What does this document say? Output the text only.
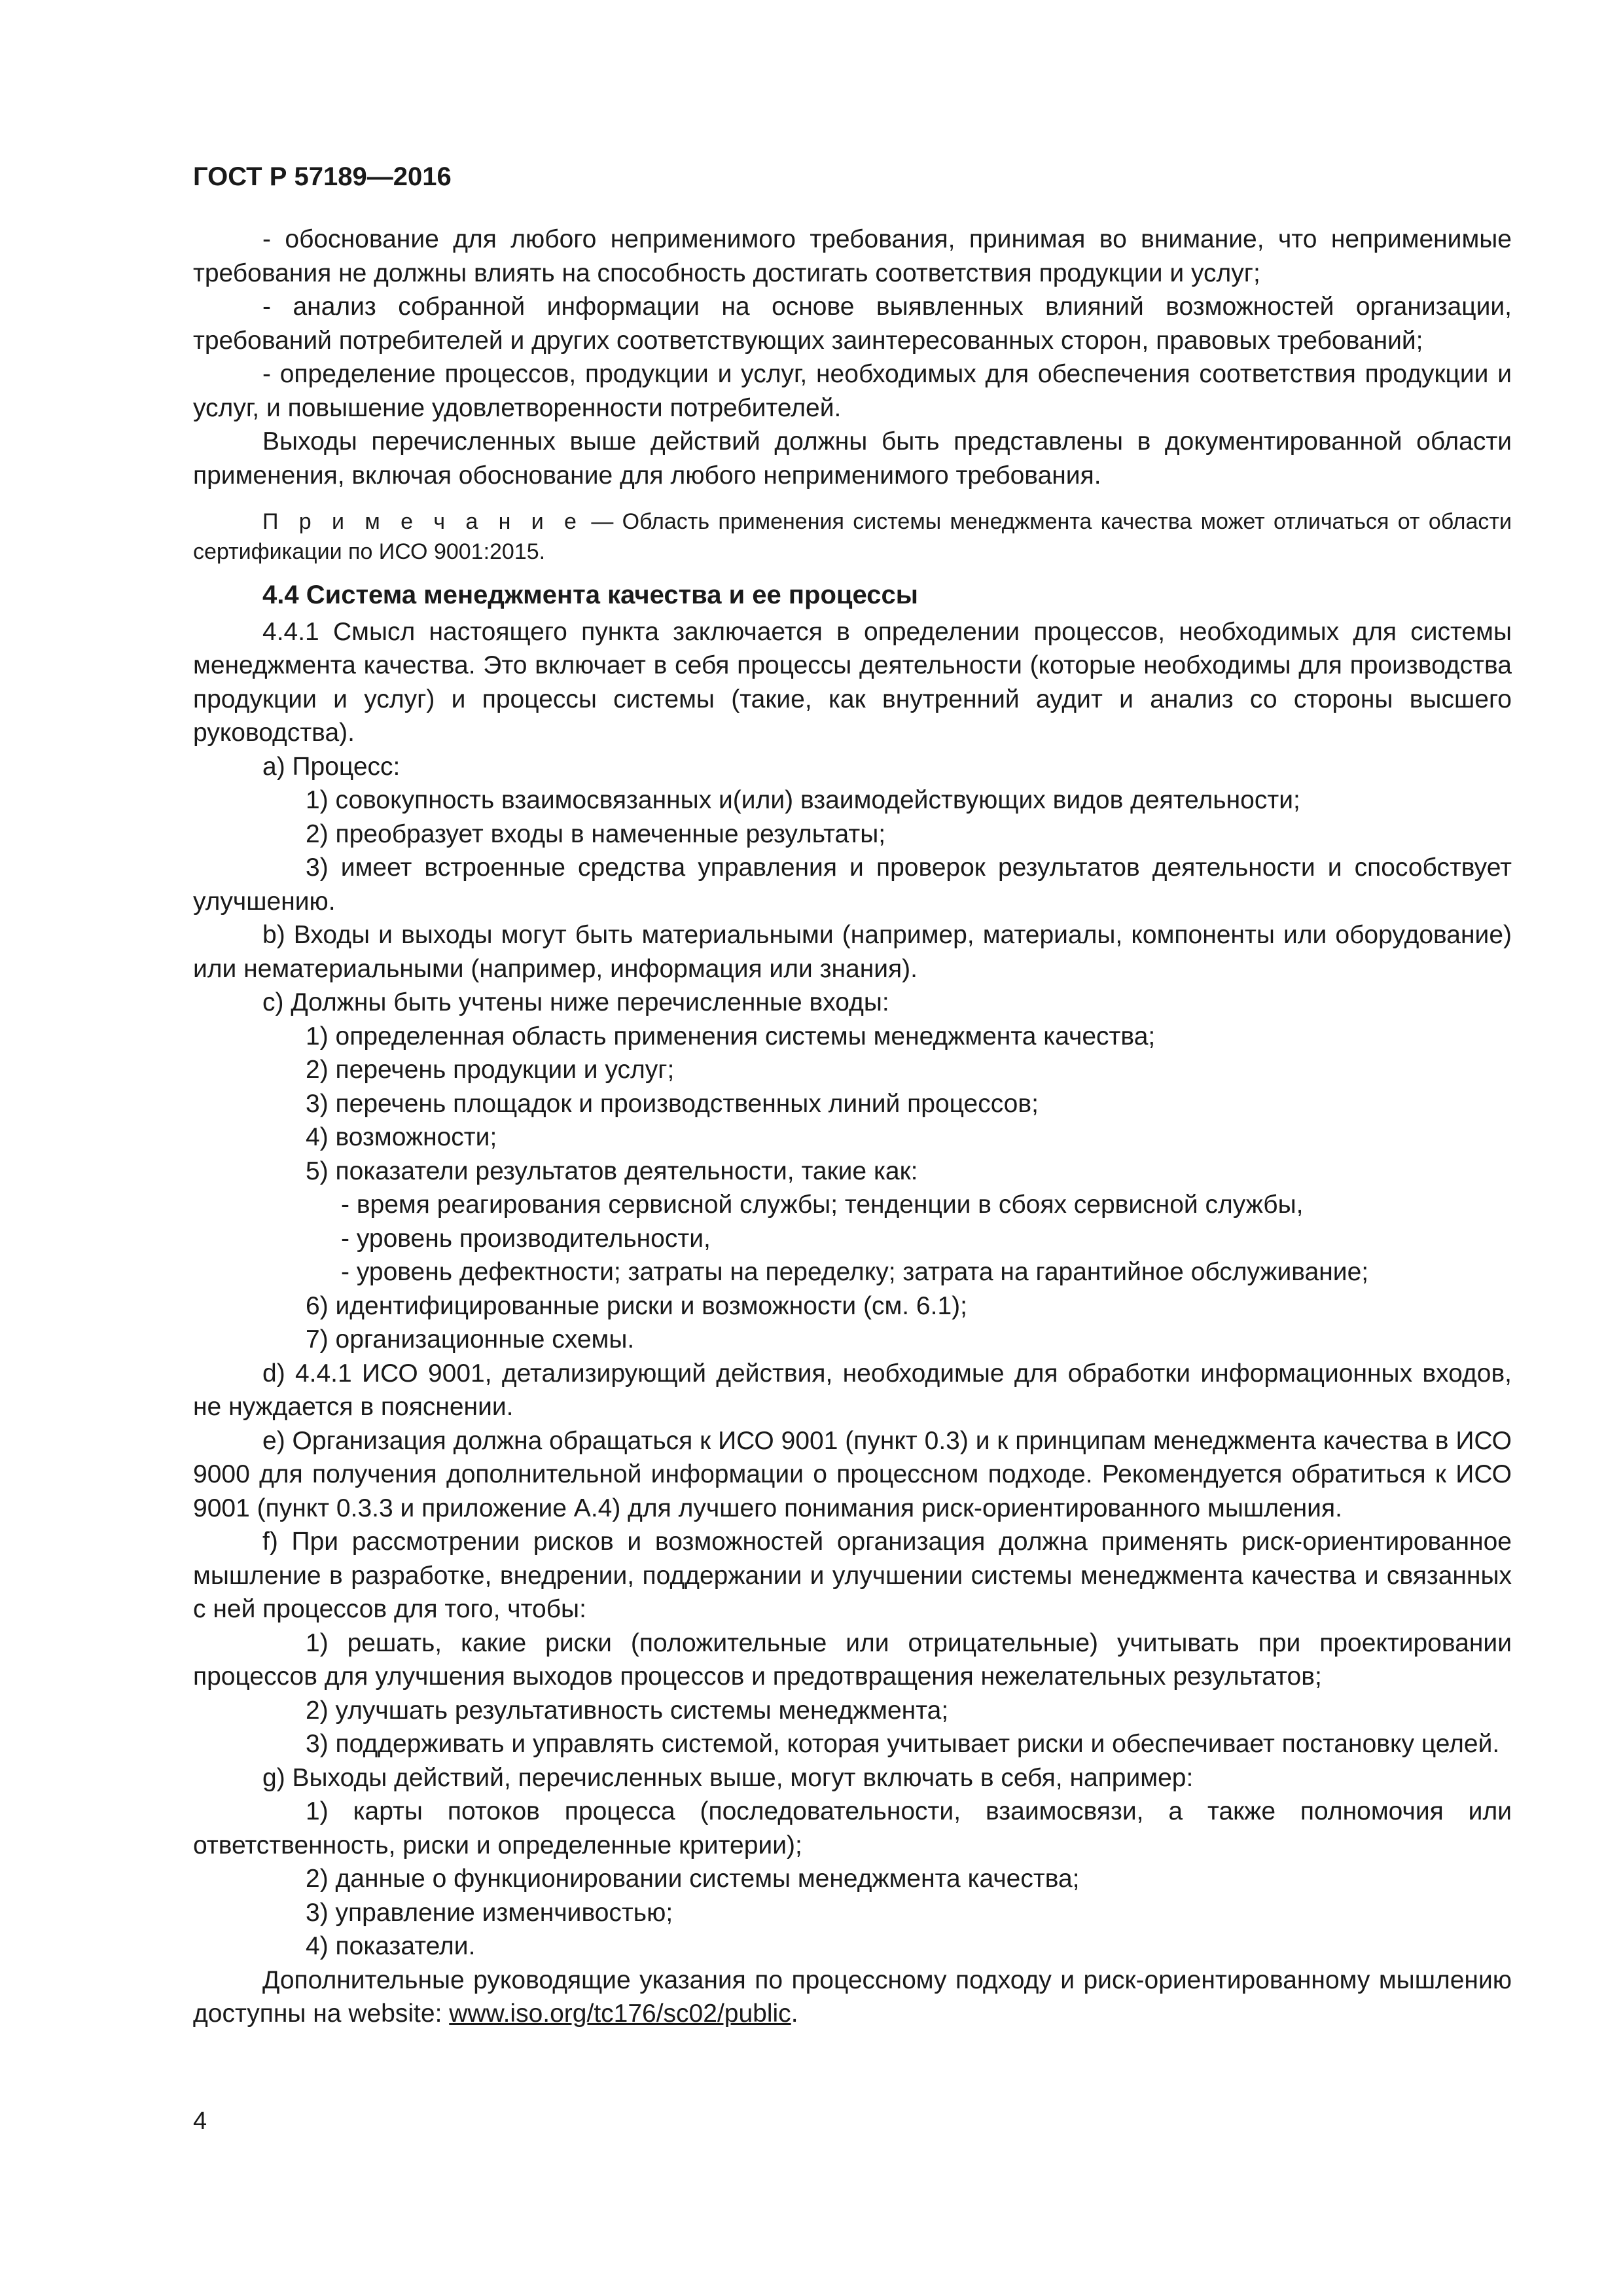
ГОСТ Р 57189—2016

- обоснование для любого неприменимого требования, принимая во внимание, что неприменимые требования не должны влиять на способность достигать соответствия продукции и услуг;

- анализ собранной информации на основе выявленных влияний возможностей организации, требований потребителей и других соответствующих заинтересованных сторон, правовых требований;

- определение процессов, продукции и услуг, необходимых для обеспечения соответствия продукции и услуг, и повышение удовлетворенности потребителей.

Выходы перечисленных выше действий должны быть представлены в документированной области применения, включая обоснование для любого неприменимого требования.

П р и м е ч а н и е — Область применения системы менеджмента качества может отличаться от области сертификации по ИСО 9001:2015.

4.4 Система менеджмента качества и ее процессы

4.4.1 Смысл настоящего пункта заключается в определении процессов, необходимых для системы менеджмента качества. Это включает в себя процессы деятельности (которые необходимы для производства продукции и услуг) и процессы системы (такие, как внутренний аудит и анализ со стороны высшего руководства).

a) Процесс:

1) совокупность взаимосвязанных и(или) взаимодействующих видов деятельности;

2) преобразует входы в намеченные результаты;

3) имеет встроенные средства управления и проверок результатов деятельности и способствует улучшению.

b) Входы и выходы могут быть материальными (например, материалы, компоненты или оборудование) или нематериальными (например, информация или знания).

c) Должны быть учтены ниже перечисленные входы:

1) определенная область применения системы менеджмента качества;

2) перечень продукции и услуг;

3) перечень площадок и производственных линий процессов;

4) возможности;

5) показатели результатов деятельности, такие как:

- время реагирования сервисной службы; тенденции в сбоях сервисной службы,

- уровень производительности,

- уровень дефектности; затраты на переделку; затрата на гарантийное обслуживание;

6) идентифицированные риски и возможности (см. 6.1);

7) организационные схемы.

d) 4.4.1 ИСО 9001, детализирующий действия, необходимые для обработки информационных входов, не нуждается в пояснении.

e) Организация должна обращаться к ИСО 9001 (пункт 0.3) и к принципам менеджмента качества в ИСО 9000 для получения дополнительной информации о процессном подходе. Рекомендуется обратиться к ИСО 9001 (пункт 0.3.3 и приложение А.4) для лучшего понимания риск-ориентированного мышления.

f) При рассмотрении рисков и возможностей организация должна применять риск-ориентированное мышление в разработке, внедрении, поддержании и улучшении системы менеджмента качества и связанных с ней процессов для того, чтобы:

1) решать, какие риски (положительные или отрицательные) учитывать при проектировании процессов для улучшения выходов процессов и предотвращения нежелательных результатов;

2) улучшать результативность системы менеджмента;

3) поддерживать и управлять системой, которая учитывает риски и обеспечивает постановку целей.

g) Выходы действий, перечисленных выше, могут включать в себя, например:

1) карты потоков процесса (последовательности, взаимосвязи, а также полномочия или ответственность, риски и определенные критерии);

2) данные о функционировании системы менеджмента качества;

3) управление изменчивостью;

4) показатели.

Дополнительные руководящие указания по процессному подходу и риск-ориентированному мышлению доступны на website: www.iso.org/tc176/sc02/public.

4
